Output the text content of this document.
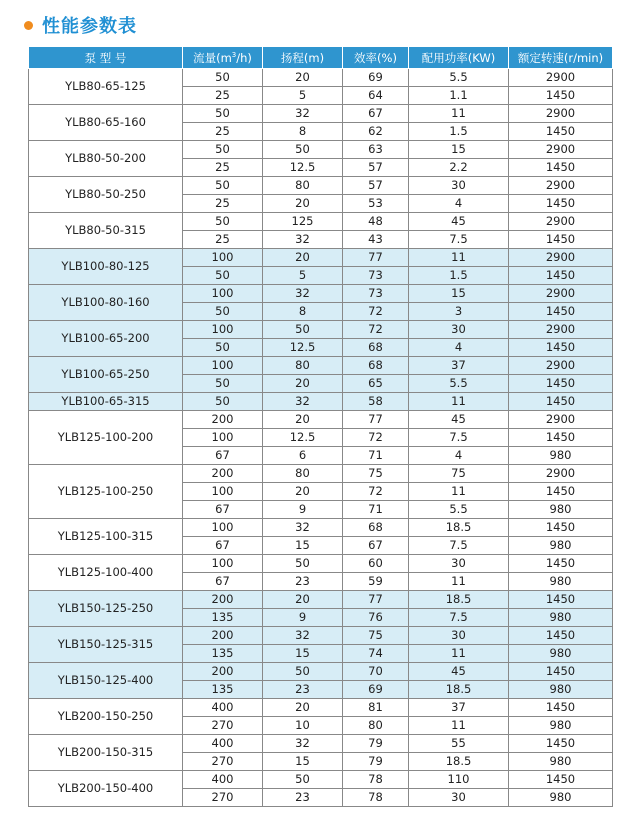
性能参数表
泵 型 号	流量$(m^3/h)$	扬程(m)	效率(%)	配用功率(KW)	额定转速(r/min)
YLB80-65-125	50	20	69	5.5	2900
	25	5	64	1.1	1450
YLB80-65-160	50	32	67	11	2900
	25	8	62	1.5	1450
YLB80-50-200	50	50	63	15	2900
	25	12.5	57	2.2	1450
YLB80-50-250	50	80	57	30	2900
	25	20	53	4	1450
YLB80-50-315	50	125	48	45	2900
	25	32	43	7.5	1450
YLB100-80-125	100	20	77	11	2900
	50	5	73	1.5	1450
YLB100-80-160	100	32	73	15	2900
	50	8	72	3	1450
YLB100-65-200	100	50	72	30	2900
	50	12.5	68	4	1450
YLB100-65-250	100	80	68	37	2900
	50	20	65	5.5	1450
YLB100-65-315	50	32	58	11	1450
YLB125-100-200	200	20	77	45	2900
	100	12.5	72	7.5	1450
	67	6	71	4	980
YLB125-100-250	200	80	75	75	2900
	100	20	72	11	1450
	67	9	71	5.5	980
YLB125-100-315	100	32	68	18.5	1450
	67	15	67	7.5	980
YLB125-100-400	100	50	60	30	1450
	67	23	59	11	980
YLB150-125-250	200	20	77	18.5	1450
	135	9	76	7.5	980
YLB150-125-315	200	32	75	30	1450
	135	15	74	11	980
YLB150-125-400	200	50	70	45	1450
	135	23	69	18.5	980
YLB200-150-250	400	20	81	37	1450
	270	10	80	11	980
YLB200-150-315	400	32	79	55	1450
	270	15	79	18.5	980
YLB200-150-400	400	50	78	110	1450
	270	23	78	30	980
